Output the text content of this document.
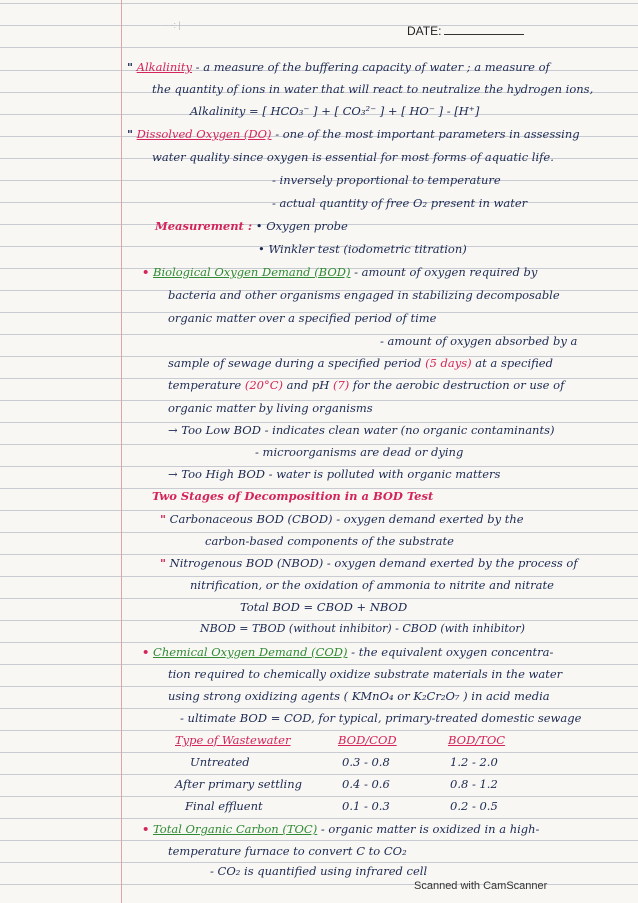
· ·: |	DATE:
" Alkalinity - a measure of the buffering capacity of water ; a measure of
the quantity of ions in water that will react to neutralize the hydrogen ions,
Alkalinity = [ HCO₃⁻ ] + [ CO₃²⁻ ] + [ HO⁻ ] - [H⁺]
" Dissolved Oxygen (DO) - one of the most important parameters in assessing
water quality since oxygen is essential for most forms of aquatic life.
- inversely proportional to temperature
- actual quantity of free O₂ present in water
Measurement : • Oxygen probe
• Winkler test (iodometric titration)
• Biological Oxygen Demand (BOD) - amount of oxygen required by
bacteria and other organisms engaged in stabilizing decomposable
organic matter over a specified period of time
- amount of oxygen absorbed by a
sample of sewage during a specified period (5 days) at a specified
temperature (20°C) and pH (7) for the aerobic destruction or use of
organic matter by living organisms
→ Too Low BOD - indicates clean water (no organic contaminants)
- microorganisms are dead or dying
→ Too High BOD - water is polluted with organic matters
Two Stages of Decomposition in a BOD Test
" Carbonaceous BOD (CBOD) - oxygen demand exerted by the
carbon-based components of the substrate
" Nitrogenous BOD (NBOD) - oxygen demand exerted by the process of
nitrification, or the oxidation of ammonia to nitrite and nitrate
Total BOD = CBOD + NBOD
NBOD = TBOD (without inhibitor) - CBOD (with inhibitor)
• Chemical Oxygen Demand (COD) - the equivalent oxygen concentra-
tion required to chemically oxidize substrate materials in the water
using strong oxidizing agents ( KMnO₄ or K₂Cr₂O₇ ) in acid media
- ultimate BOD = COD, for typical, primary-treated domestic sewage
Type of Wastewater	BOD/COD	BOD/TOC
Untreated	0.3 - 0.8	1.2 - 2.0
After primary settling	0.4 - 0.6	0.8 - 1.2
Final effluent	0.1 - 0.3	0.2 - 0.5
• Total Organic Carbon (TOC) - organic matter is oxidized in a high-
temperature furnace to convert C to CO₂
- CO₂ is quantified using infrared cell
Scanned with CamScanner
